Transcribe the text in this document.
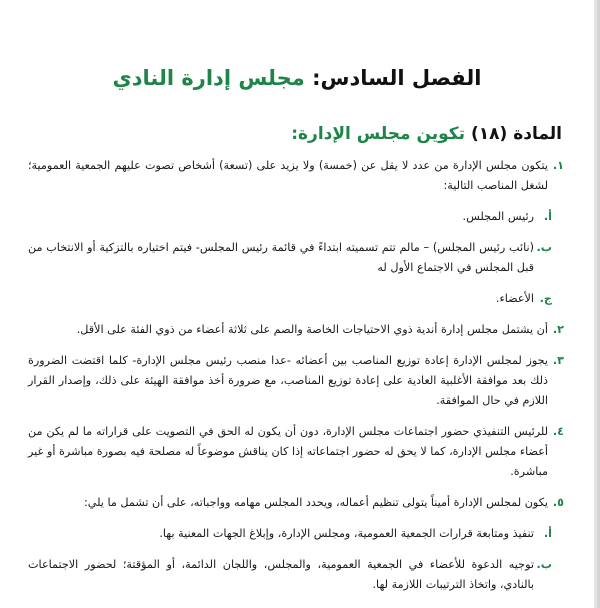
الفصل السادس: مجلس إدارة النادي
المادة (١٨) تكوين مجلس الإدارة:
١.
يتكون مجلس الإدارة من عدد لا يقل عن (خمسة) ولا يزيد على (تسعة) أشخاص تصوت عليهم الجمعية العمومية؛ لشغل المناصب التالية:
أ.
رئيس المجلس.
ب.
(نائب رئيس المجلس) – مالم تتم تسميته ابتداءً في قائمة رئيس المجلس- فيتم اختياره بالتزكية أو الانتخاب من قبل المجلس في الاجتماع الأول له
ج.
الأعضاء.
٢.
أن يشتمل مجلس إدارة أندية ذوي الاحتياجات الخاصة والصم على ثلاثة أعضاء من ذوي الفئة على الأقل.
٣.
يجوز لمجلس الإدارة إعادة توزيع المناصب بين أعضائه -عدا منصب رئيس مجلس الإدارة- كلما اقتضت الضرورة ذلك بعد موافقة الأغلبية العادية على إعادة توزيع المناصب، مع ضرورة أخذ موافقة الهيئة على ذلك، وإصدار القرار اللازم في حال الموافقة.
٤.
للرئيس التنفيذي حضور اجتماعات مجلس الإدارة، دون أن يكون له الحق في التصويت على قراراته ما لم يكن من أعضاء مجلس الإدارة، كما لا يحق له حضور اجتماعاته إذا كان يناقش موضوعاً له مصلحة فيه بصورة مباشرة أو غير مباشرة.
٥.
يكون لمجلس الإدارة أميناً يتولى تنظيم أعماله، ويحدد المجلس مهامه وواجباته، على أن تشمل ما يلي:
أ.
تنفيذ ومتابعة قرارات الجمعية العمومية، ومجلس الإدارة، وإبلاغ الجهات المعنية بها.
ب.
توجيه الدعوة للأعضاء في الجمعية العمومية، والمجلس، واللجان الدائمة، أو المؤقتة؛ لحضور الاجتماعات بالنادي، واتخاذ الترتيبات اللازمة لها.
